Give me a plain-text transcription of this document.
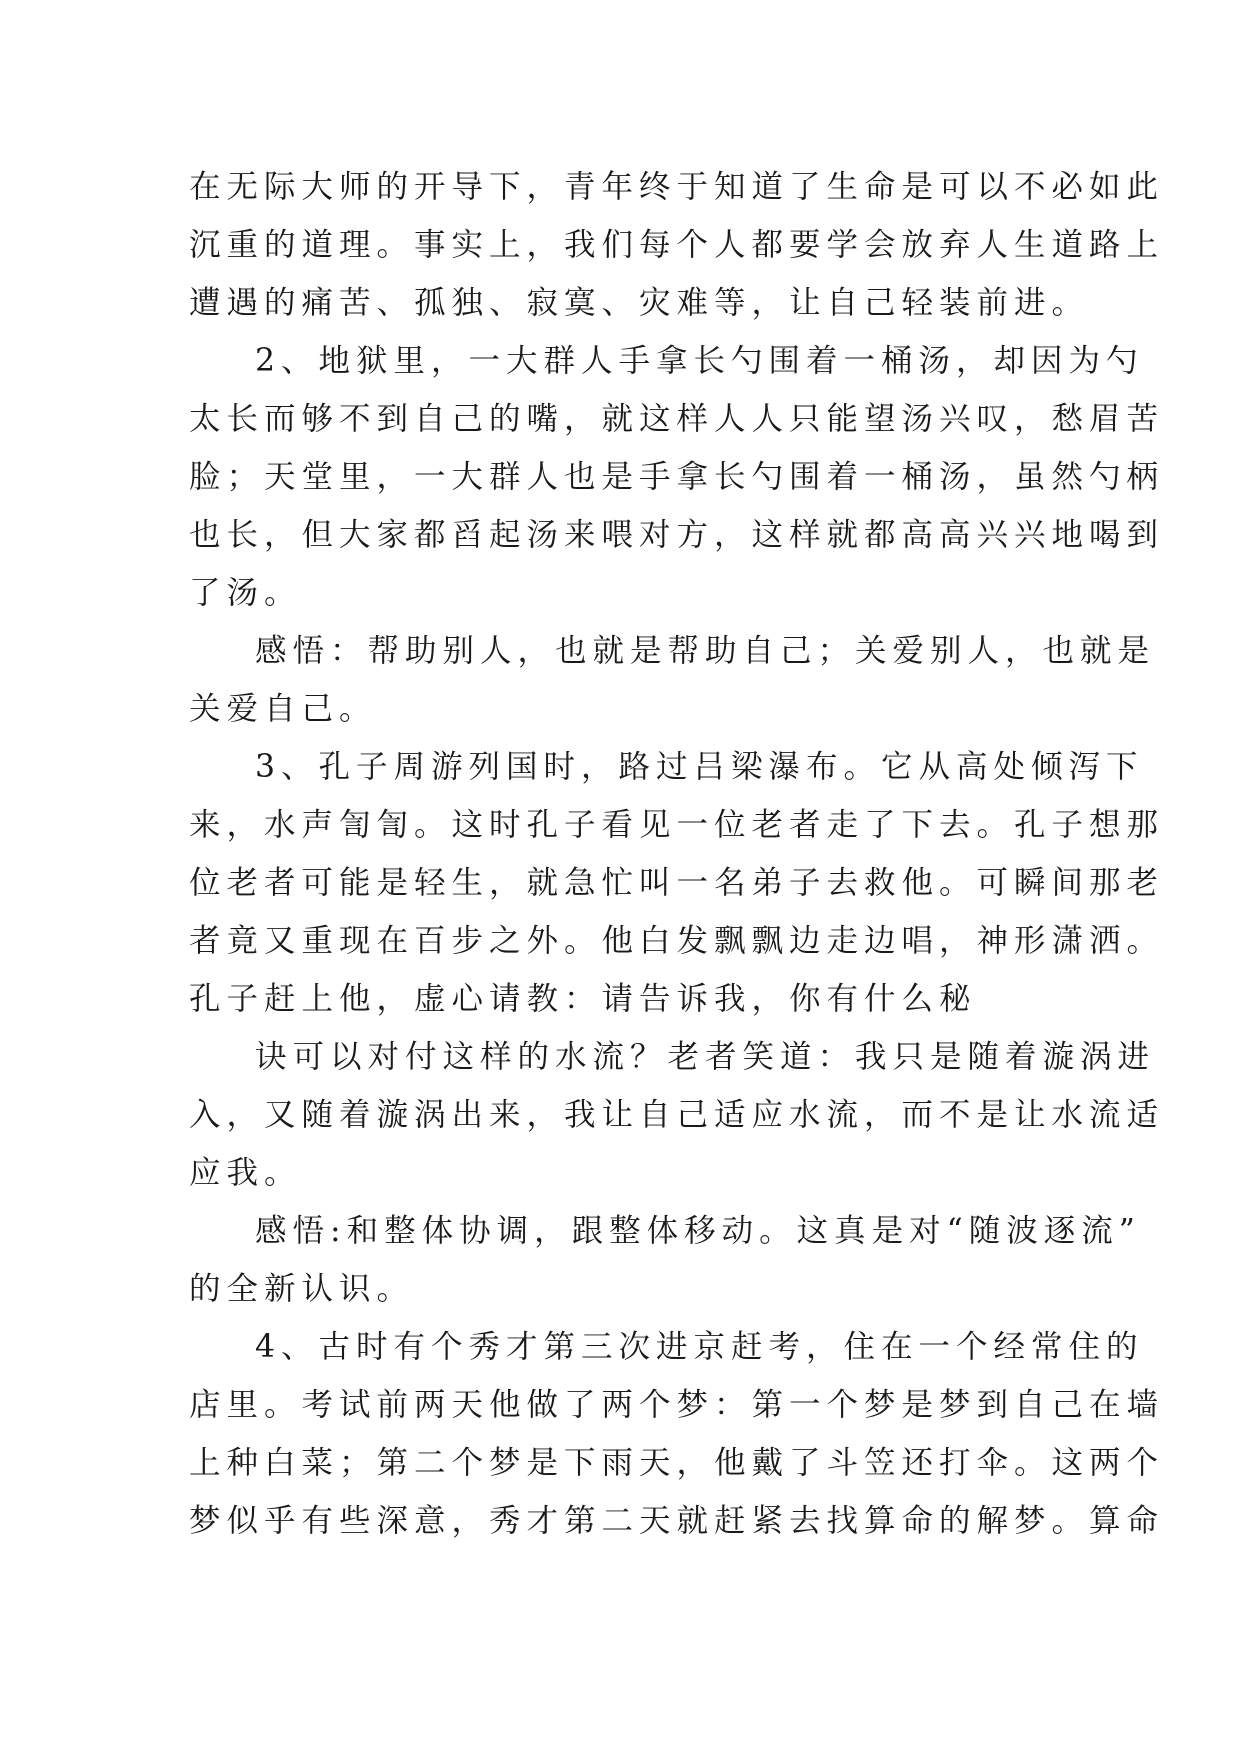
在无际大师的开导下，青年终于知道了生命是可以不必如此
沉重的道理。事实上，我们每个人都要学会放弃人生道路上
遭遇的痛苦、孤独、寂寞、灾难等，让自己轻装前进。
2、地狱里，一大群人手拿长勺围着一桶汤，却因为勺
太长而够不到自己的嘴，就这样人人只能望汤兴叹，愁眉苦
脸；天堂里，一大群人也是手拿长勺围着一桶汤，虽然勺柄
也长，但大家都舀起汤来喂对方，这样就都高高兴兴地喝到
了汤。
感悟：帮助别人，也就是帮助自己；关爱别人，也就是
关爱自己。
3、孔子周游列国时，路过吕梁瀑布。它从高处倾泻下
来，水声訇訇。这时孔子看见一位老者走了下去。孔子想那
位老者可能是轻生，就急忙叫一名弟子去救他。可瞬间那老
者竟又重现在百步之外。他白发飘飘边走边唱，神形潇洒。
孔子赶上他，虚心请教：请告诉我，你有什么秘
诀可以对付这样的水流？老者笑道：我只是随着漩涡进
入，又随着漩涡出来，我让自己适应水流，而不是让水流适
应我。
感悟:和整体协调，跟整体移动。这真是对“随波逐流”
的全新认识。
4、古时有个秀才第三次进京赶考，住在一个经常住的
店里。考试前两天他做了两个梦：第一个梦是梦到自己在墙
上种白菜；第二个梦是下雨天，他戴了斗笠还打伞。这两个
梦似乎有些深意，秀才第二天就赶紧去找算命的解梦。算命
